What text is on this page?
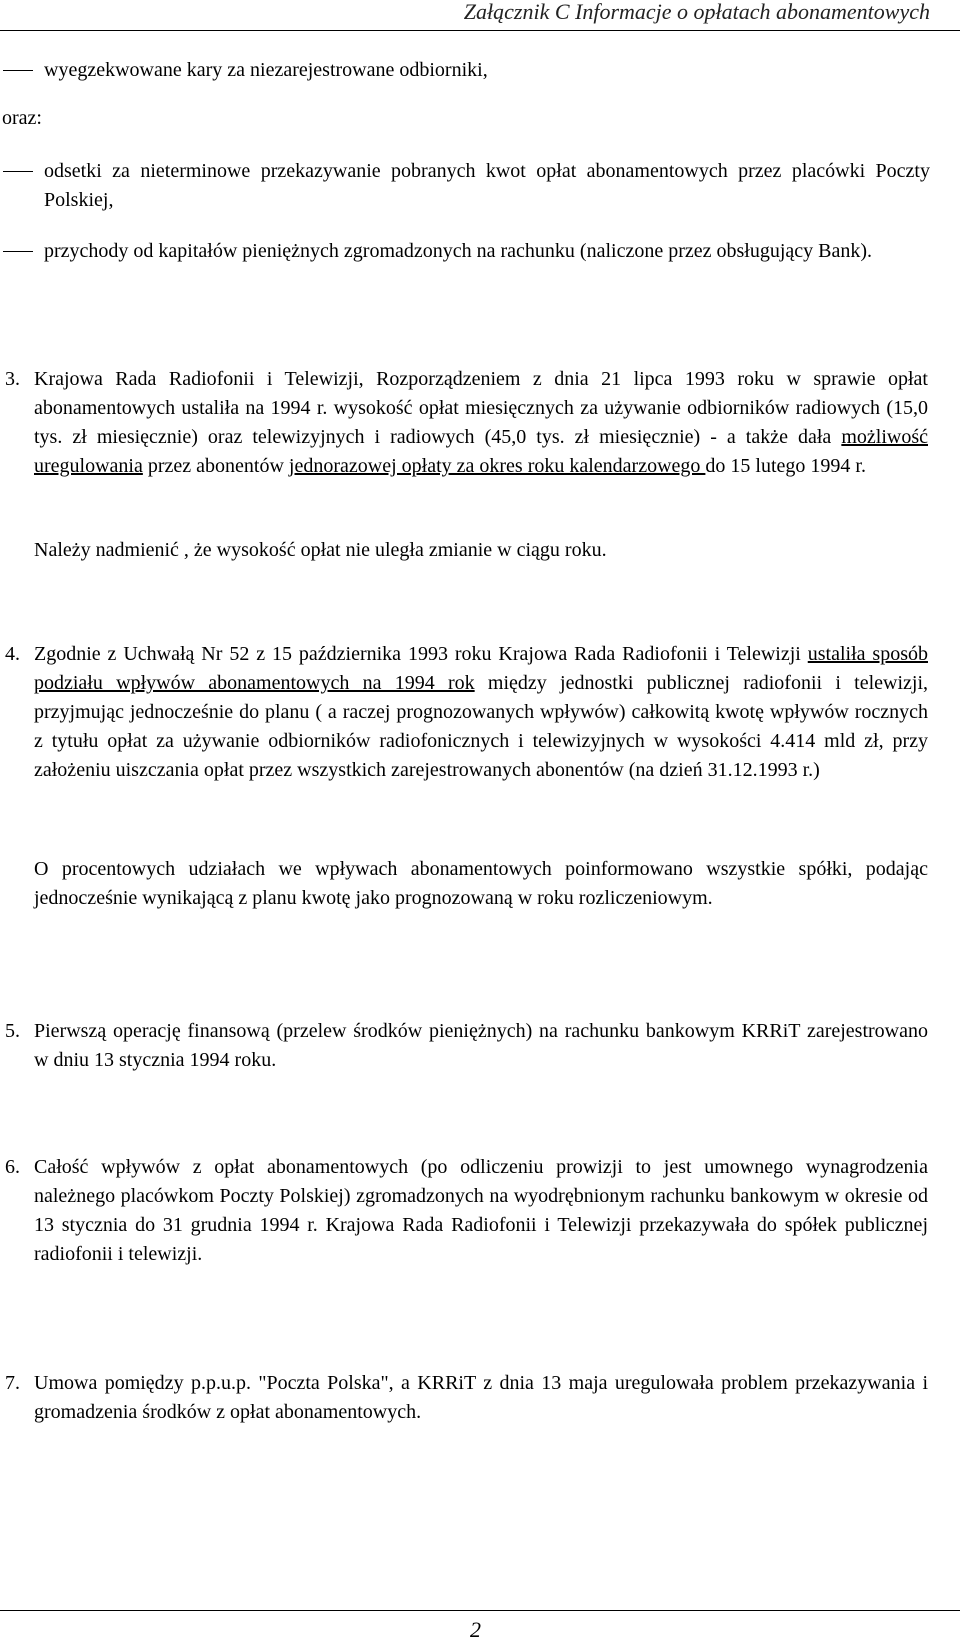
Załącznik C Informacje o opłatach abonamentowych
wyegzekwowane kary za niezarejestrowane odbiorniki,
oraz:
odsetki za nieterminowe przekazywanie pobranych kwot opłat abonamentowych przez placówki Poczty Polskiej,
przychody od kapitałów pieniężnych zgromadzonych na rachunku (naliczone przez obsługujący Bank).
3. Krajowa Rada Radiofonii i Telewizji, Rozporządzeniem z dnia 21 lipca 1993 roku w sprawie opłat abonamentowych ustaliła na 1994 r. wysokość opłat miesięcznych za używanie odbiorników radiowych (15,0 tys. zł miesięcznie) oraz telewizyjnych i radiowych (45,0 tys. zł miesięcznie) - a także dała możliwość uregulowania przez abonentów jednorazowej opłaty za okres roku kalendarzowego do 15 lutego 1994 r.
Należy nadmienić , że wysokość opłat nie uległa zmianie w ciągu roku.
4. Zgodnie z Uchwałą Nr 52 z 15 października 1993 roku Krajowa Rada Radiofonii i Telewizji ustaliła sposób podziału wpływów abonamentowych na 1994 rok między jednostki publicznej radiofonii i telewizji, przyjmując jednocześnie do planu ( a raczej prognozowanych wpływów) całkowitą kwotę wpływów rocznych z tytułu opłat za używanie odbiorników radiofonicznych i telewizyjnych w wysokości 4.414 mld zł, przy założeniu uiszczania opłat przez wszystkich zarejestrowanych abonentów (na dzień 31.12.1993 r.)
O procentowych udziałach we wpływach abonamentowych poinformowano wszystkie spółki, podając jednocześnie wynikającą z planu kwotę jako prognozowaną w roku rozliczeniowym.
5. Pierwszą operację finansową (przelew środków pieniężnych) na rachunku bankowym KRRiT zarejestrowano w dniu 13 stycznia 1994 roku.
6. Całość wpływów z opłat abonamentowych (po odliczeniu prowizji to jest umownego wynagrodzenia należnego placówkom Poczty Polskiej) zgromadzonych na wyodrębnionym rachunku bankowym w okresie od 13 stycznia do 31 grudnia 1994 r. Krajowa Rada Radiofonii i Telewizji przekazywała do spółek publicznej radiofonii i telewizji.
7. Umowa pomiędzy p.p.u.p. "Poczta Polska", a KRRiT z dnia 13 maja uregulowała problem przekazywania i gromadzenia środków z opłat abonamentowych.
2
